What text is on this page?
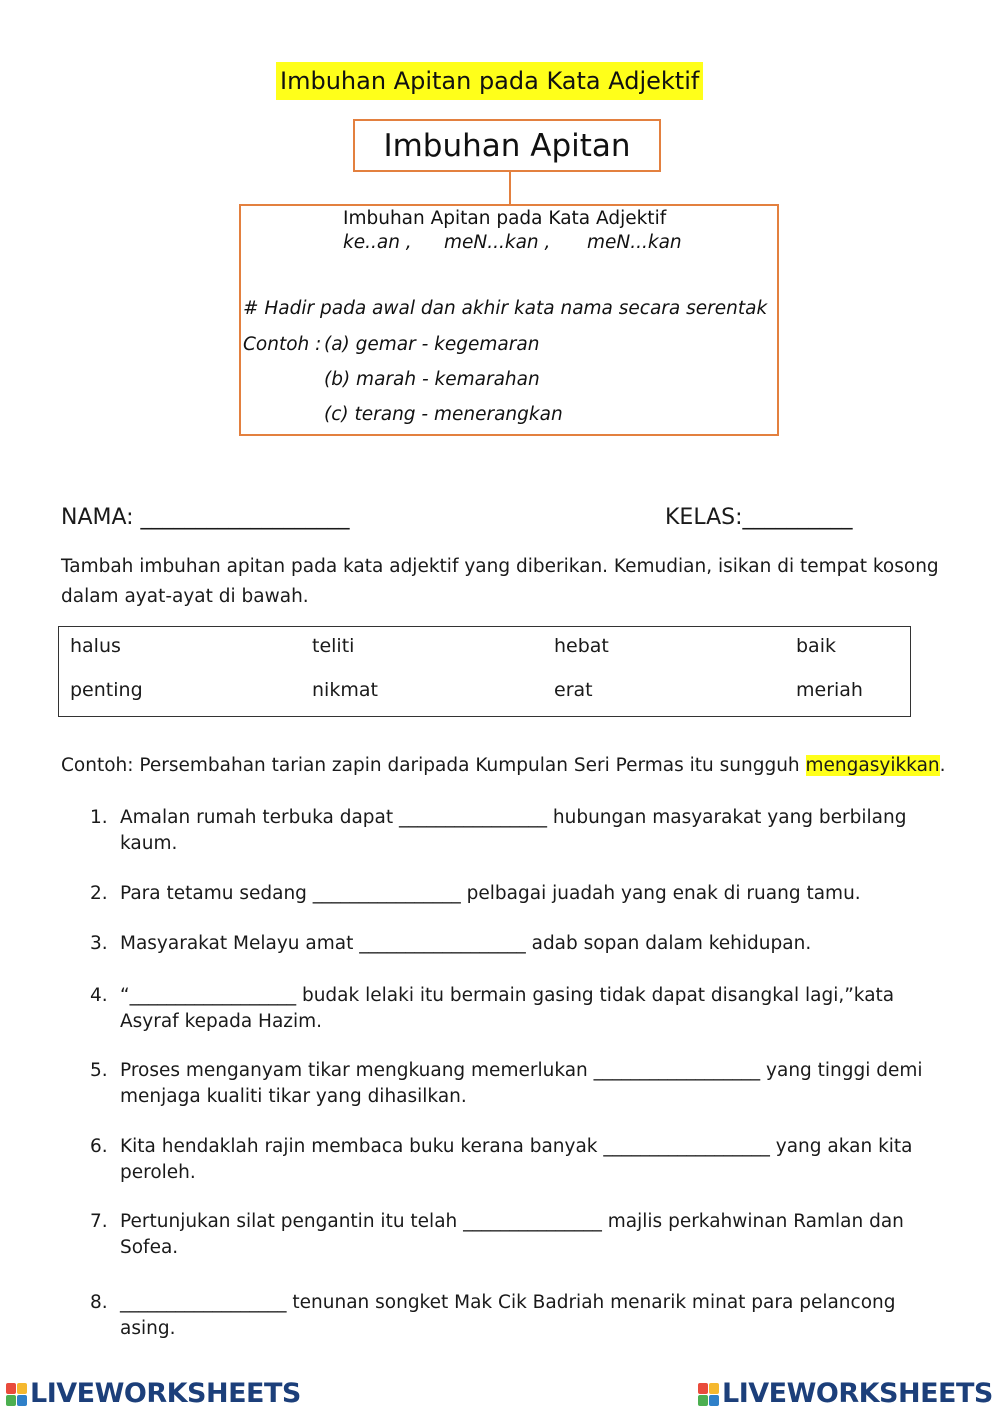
Imbuhan Apitan pada Kata Adjektif
Imbuhan Apitan
Imbuhan Apitan pada Kata Adjektif
ke..an , meN...kan , meN...kan
# Hadir pada awal dan akhir kata nama secara serentak
Contoh : (a) gemar - kegemaran
(b) marah - kemarahan
(c) terang - menerangkan
NAMA: ___________________	KELAS:__________
Tambah imbuhan apitan pada kata adjektif yang diberikan. Kemudian, isikan di tempat kosong dalam ayat-ayat di bawah.
halus	teliti	hebat	baik
penting	nikmat	erat	meriah
Contoh: Persembahan tarian zapin daripada Kumpulan Seri Permas itu sungguh mengasyikkan.
1. Amalan rumah terbuka dapat ________________ hubungan masyarakat yang berbilang kaum.
2. Para tetamu sedang ________________ pelbagai juadah yang enak di ruang tamu.
3. Masyarakat Melayu amat __________________ adab sopan dalam kehidupan.
4. “__________________ budak lelaki itu bermain gasing tidak dapat disangkal lagi,”kata Asyraf kepada Hazim.
5. Proses menganyam tikar mengkuang memerlukan __________________ yang tinggi demi menjaga kualiti tikar yang dihasilkan.
6. Kita hendaklah rajin membaca buku kerana banyak __________________ yang akan kita peroleh.
7. Pertunjukan silat pengantin itu telah _______________ majlis perkahwinan Ramlan dan Sofea.
8. __________________ tenunan songket Mak Cik Badriah menarik minat para pelancong asing.
LIVEWORKSHEETS	LIVEWORKSHEETS
